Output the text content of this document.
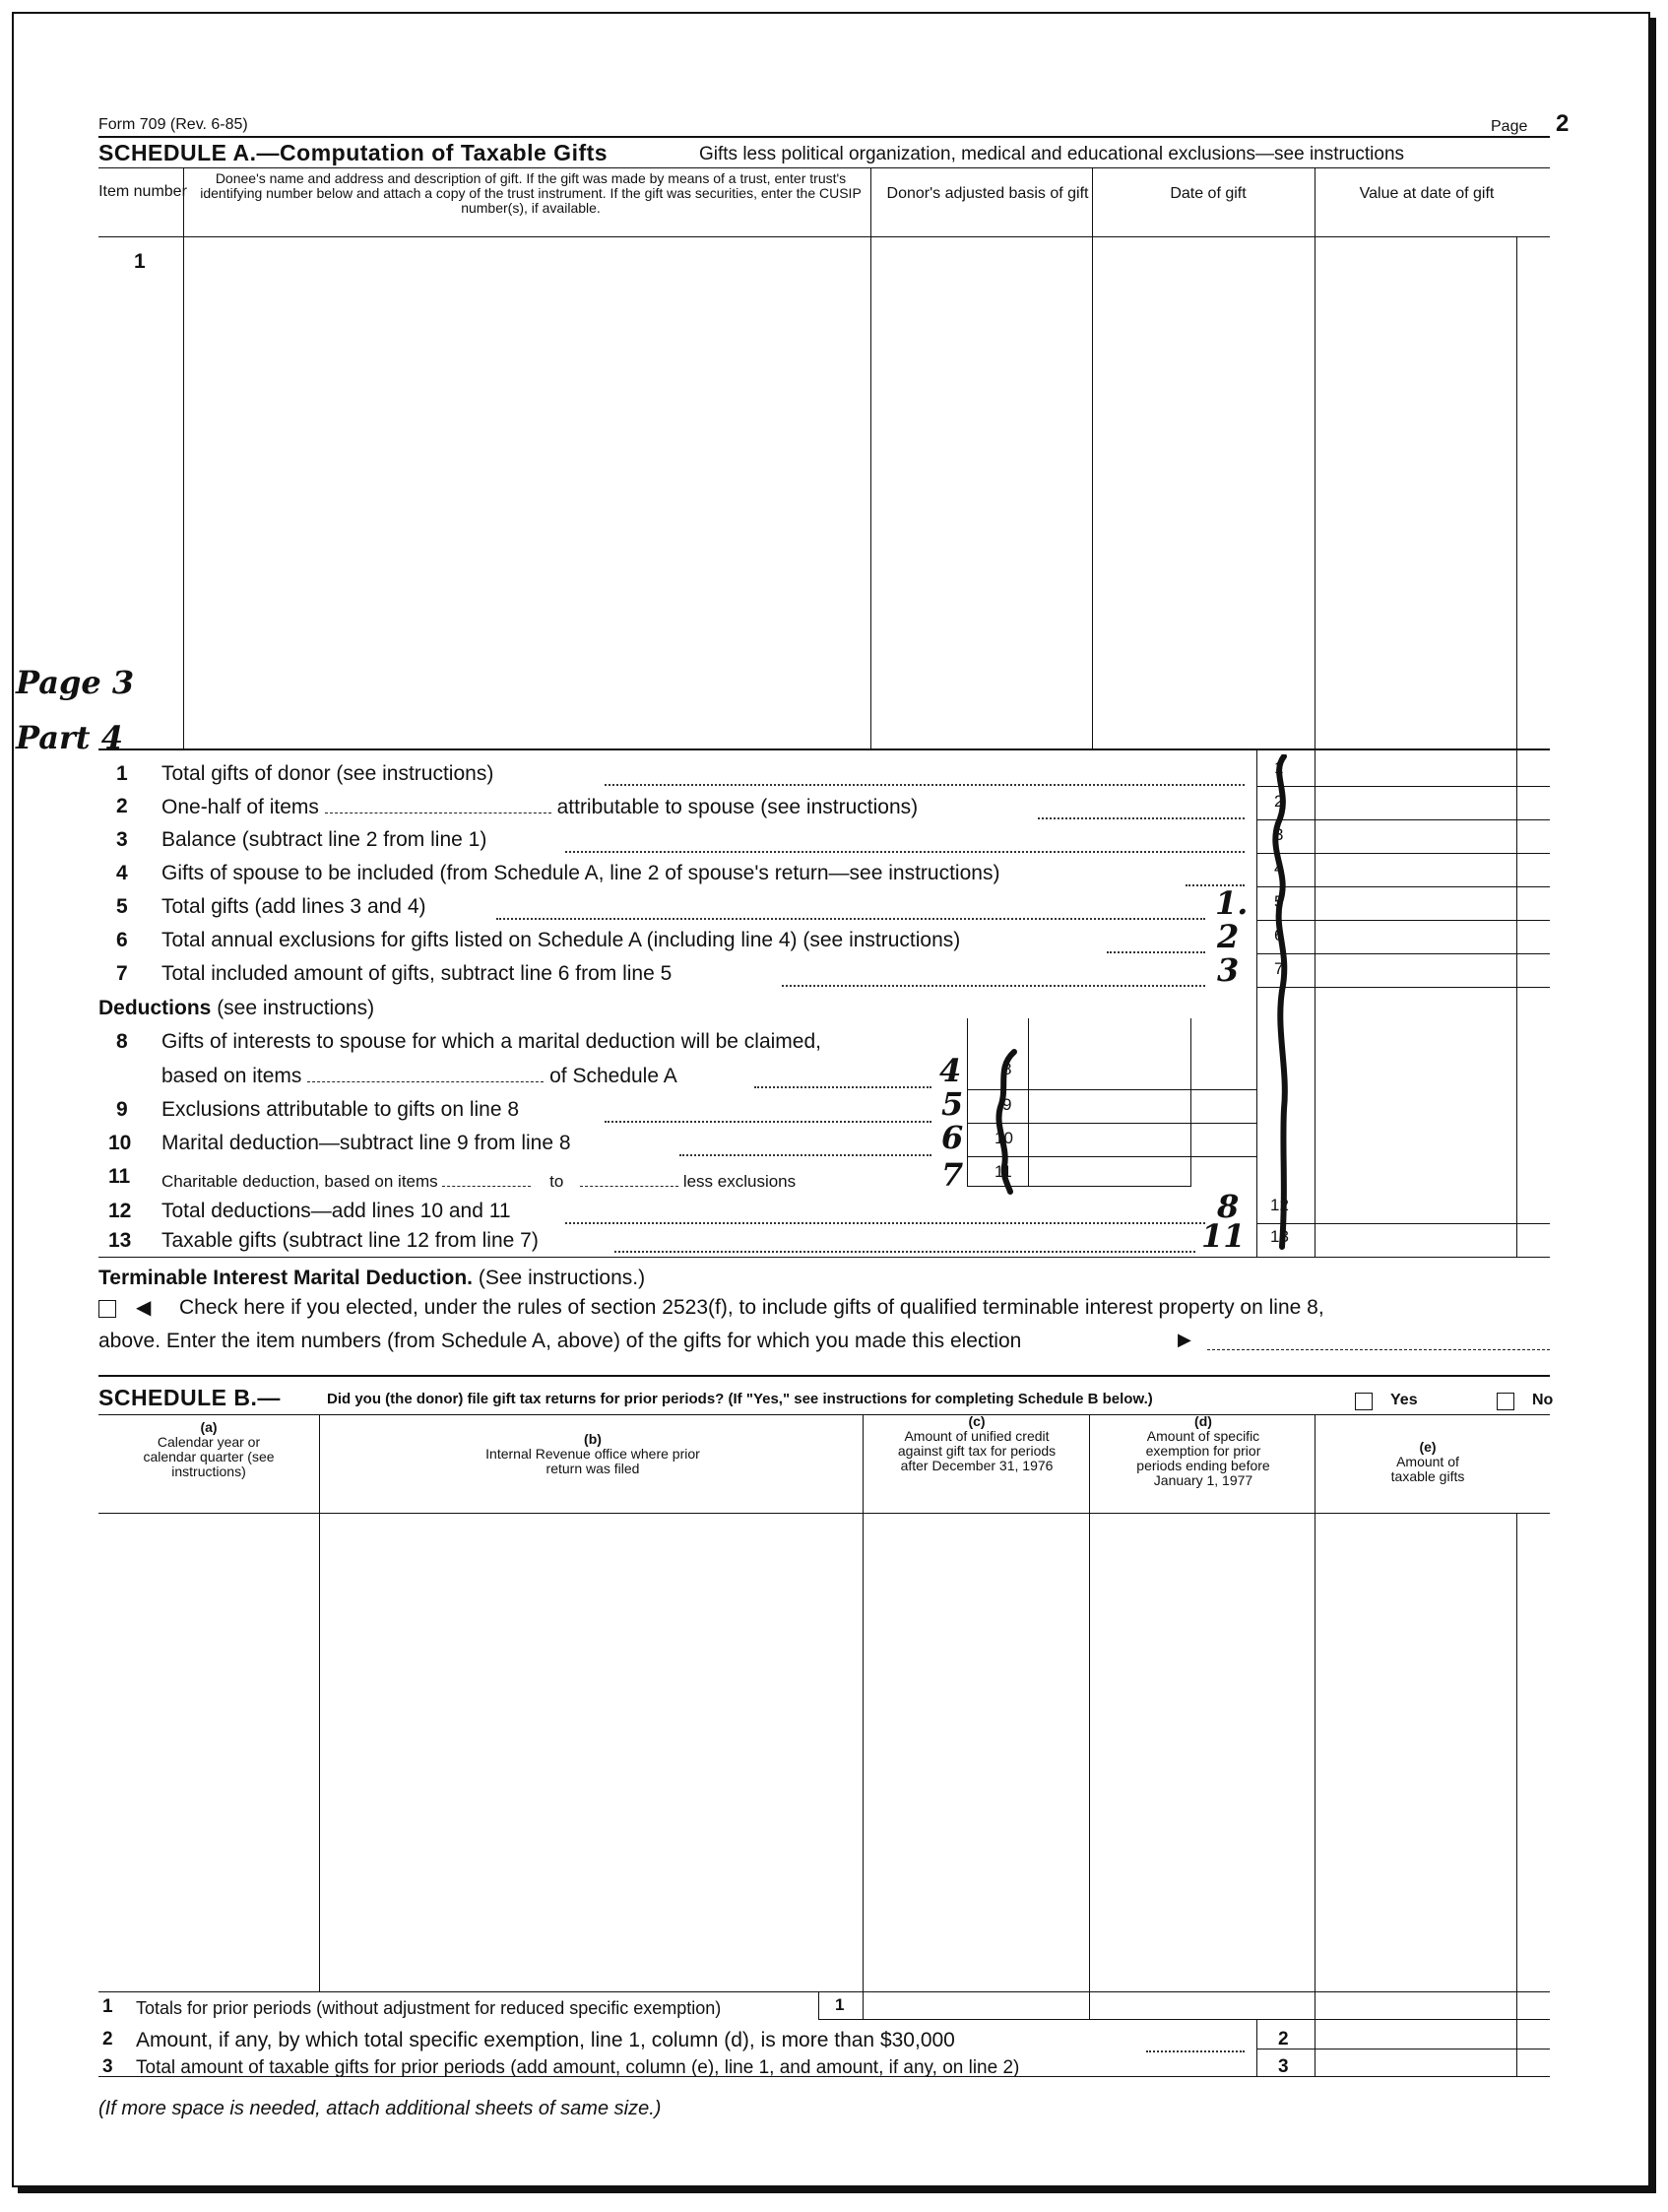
Form 709 (Rev. 6-85)	Page 2
SCHEDULE A.—Computation of Taxable Gifts	Gifts less political organization, medical and educational exclusions—see instructions
Item number
Donee's name and address and description of gift. If the gift was made by means of a trust, enter trust's identifying number below and attach a copy of the trust instrument. If the gift was securities, enter the CUSIP number(s), if available.
Donor's adjusted basis of gift	Date of gift	Value at date of gift
1
Page 3
Part 4
1 Total gifts of donor (see instructions)	1
2 One-half of items	attributable to spouse (see instructions)	2
3 Balance (subtract line 2 from line 1)	3
4 Gifts of spouse to be included (from Schedule A, line 2 of spouse's return—see instructions)	4
5 Total gifts (add lines 3 and 4)	1. 5
6 Total annual exclusions for gifts listed on Schedule A (including line 4) (see instructions)	2 6
7 Total included amount of gifts, subtract line 6 from line 5	3 7
Deductions (see instructions)
8 Gifts of interests to spouse for which a marital deduction will be claimed,
based on items	of Schedule A	4 8
9 Exclusions attributable to gifts on line 8	5 9
10 Marital deduction—subtract line 9 from line 8	6 10
11 Charitable deduction, based on items	to	less exclusions	7 11
12 Total deductions—add lines 10 and 11	8 12
13 Taxable gifts (subtract line 12 from line 7)	11 13
Terminable Interest Marital Deduction. (See instructions.)
◀ Check here if you elected, under the rules of section 2523(f), to include gifts of qualified terminable interest property on line 8,
above. Enter the item numbers (from Schedule A, above) of the gifts for which you made this election	▶
SCHEDULE B.—	Did you (the donor) file gift tax returns for prior periods? (If "Yes," see instructions for completing Schedule B below.)	Yes	No
(a)
Calendar year or calendar quarter (see instructions)
(b)
Internal Revenue office where prior return was filed
(c)
Amount of unified credit against gift tax for periods after December 31, 1976
(d)
Amount of specific exemption for prior periods ending before January 1, 1977
(e)
Amount of taxable gifts
1 Totals for prior periods (without adjustment for reduced specific exemption)	1
2 Amount, if any, by which total specific exemption, line 1, column (d), is more than $30,000	2
3 Total amount of taxable gifts for prior periods (add amount, column (e), line 1, and amount, if any, on line 2)	3
(If more space is needed, attach additional sheets of same size.)
